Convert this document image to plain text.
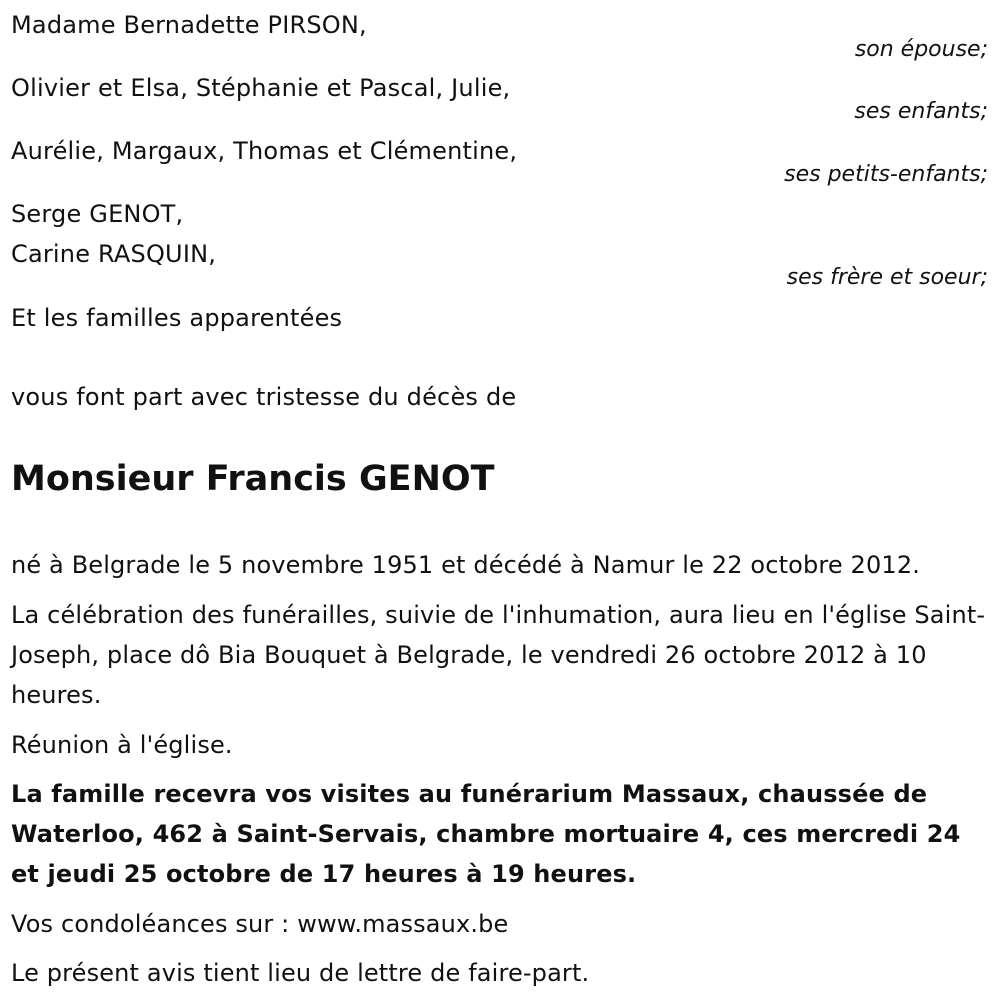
Madame Bernadette PIRSON,
son épouse;
Olivier et Elsa, Stéphanie et Pascal, Julie,
ses enfants;
Aurélie, Margaux, Thomas et Clémentine,
ses petits-enfants;
Serge GENOT,
Carine RASQUIN,
ses frère et soeur;
Et les familles apparentées
vous font part avec tristesse du décès de
Monsieur Francis GENOT
né à Belgrade le 5 novembre 1951 et décédé à Namur le 22 octobre 2012.
La célébration des funérailles, suivie de l'inhumation, aura lieu en l'église Saint-Joseph, place dô Bia Bouquet à Belgrade, le vendredi 26 octobre 2012 à 10 heures.
Réunion à l'église.
La famille recevra vos visites au funérarium Massaux, chaussée de Waterloo, 462 à Saint-Servais, chambre mortuaire 4, ces mercredi 24 et jeudi 25 octobre de 17 heures à 19 heures.
Vos condoléances sur : www.massaux.be
Le présent avis tient lieu de lettre de faire-part.
